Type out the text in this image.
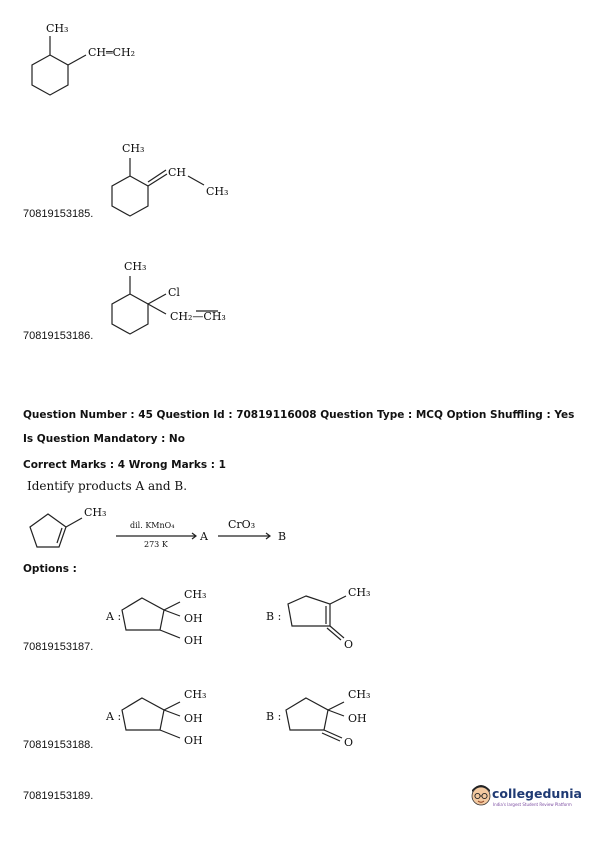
CH₃
CH═CH₂
CH₃
CH
CH₃
70819153185.
CH₃
Cl
CH₂—CH₃
70819153186.
Question Number : 45 Question Id : 70819116008 Question Type : MCQ Option Shuffling : Yes
Is Question Mandatory : No
Correct Marks : 4 Wrong Marks : 1
Identify products A and B.
CH₃
dil. KMnO₄
273 K
A
CrO₃
B
Options :
A :
CH₃
OH
OH
B :
CH₃
O
70819153187.
A :
CH₃
OH
OH
B :
CH₃
OH
O
70819153188.
70819153189.	collegedunia
India's largest Student Review Platform
